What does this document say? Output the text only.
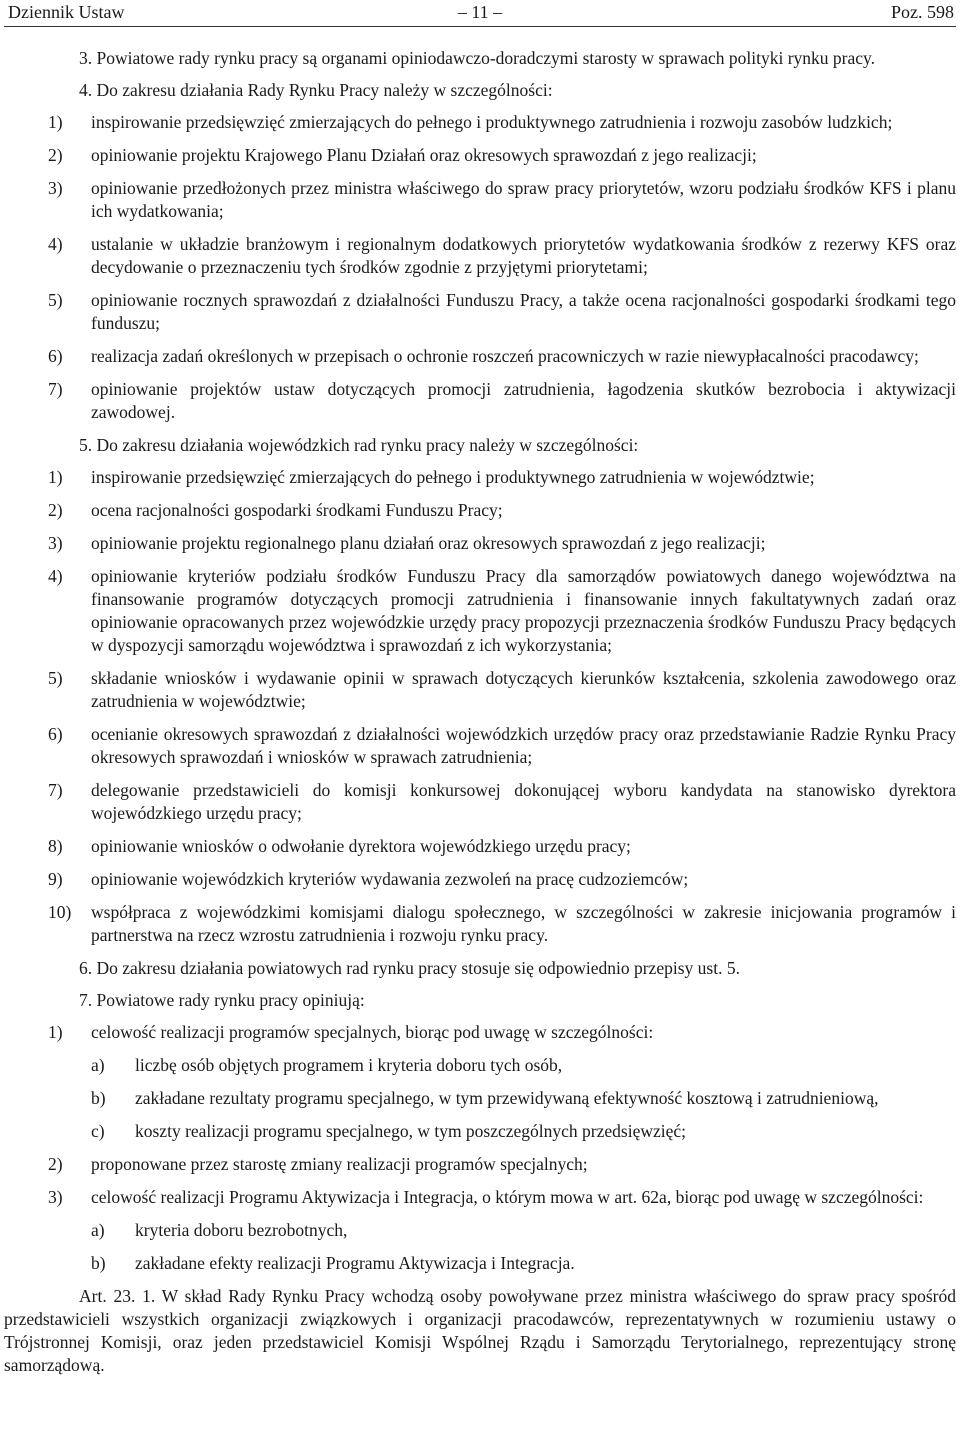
Dziennik Ustaw	– 11 –	Poz. 598

3. Powiatowe rady rynku pracy są organami opiniodawczo-doradczymi starosty w sprawach polityki rynku pracy.

4. Do zakresu działania Rady Rynku Pracy należy w szczególności:

1) inspirowanie przedsięwzięć zmierzających do pełnego i produktywnego zatrudnienia i rozwoju zasobów ludzkich;
2) opiniowanie projektu Krajowego Planu Działań oraz okresowych sprawozdań z jego realizacji;
3) opiniowanie przedłożonych przez ministra właściwego do spraw pracy priorytetów, wzoru podziału środków KFS i planu ich wydatkowania;
4) ustalanie w układzie branżowym i regionalnym dodatkowych priorytetów wydatkowania środków z rezerwy KFS oraz decydowanie o przeznaczeniu tych środków zgodnie z przyjętymi priorytetami;
5) opiniowanie rocznych sprawozdań z działalności Funduszu Pracy, a także ocena racjonalności gospodarki środkami tego funduszu;
6) realizacja zadań określonych w przepisach o ochronie roszczeń pracowniczych w razie niewypłacalności pracodawcy;
7) opiniowanie projektów ustaw dotyczących promocji zatrudnienia, łagodzenia skutków bezrobocia i aktywizacji zawodowej.

5. Do zakresu działania wojewódzkich rad rynku pracy należy w szczególności:

1) inspirowanie przedsięwzięć zmierzających do pełnego i produktywnego zatrudnienia w województwie;
2) ocena racjonalności gospodarki środkami Funduszu Pracy;
3) opiniowanie projektu regionalnego planu działań oraz okresowych sprawozdań z jego realizacji;
4) opiniowanie kryteriów podziału środków Funduszu Pracy dla samorządów powiatowych danego województwa na finansowanie programów dotyczących promocji zatrudnienia i finansowanie innych fakultatywnych zadań oraz opiniowanie opracowanych przez wojewódzkie urzędy pracy propozycji przeznaczenia środków Funduszu Pracy będących w dyspozycji samorządu województwa i sprawozdań z ich wykorzystania;
5) składanie wniosków i wydawanie opinii w sprawach dotyczących kierunków kształcenia, szkolenia zawodowego oraz zatrudnienia w województwie;
6) ocenianie okresowych sprawozdań z działalności wojewódzkich urzędów pracy oraz przedstawianie Radzie Rynku Pracy okresowych sprawozdań i wniosków w sprawach zatrudnienia;
7) delegowanie przedstawicieli do komisji konkursowej dokonującej wyboru kandydata na stanowisko dyrektora wojewódzkiego urzędu pracy;
8) opiniowanie wniosków o odwołanie dyrektora wojewódzkiego urzędu pracy;
9) opiniowanie wojewódzkich kryteriów wydawania zezwoleń na pracę cudzoziemców;
10) współpraca z wojewódzkimi komisjami dialogu społecznego, w szczególności w zakresie inicjowania programów i partnerstwa na rzecz wzrostu zatrudnienia i rozwoju rynku pracy.

6. Do zakresu działania powiatowych rad rynku pracy stosuje się odpowiednio przepisy ust. 5.

7. Powiatowe rady rynku pracy opiniują:

1) celowość realizacji programów specjalnych, biorąc pod uwagę w szczególności:
a) liczbę osób objętych programem i kryteria doboru tych osób,
b) zakładane rezultaty programu specjalnego, w tym przewidywaną efektywność kosztową i zatrudnieniową,
c) koszty realizacji programu specjalnego, w tym poszczególnych przedsięwzięć;
2) proponowane przez starostę zmiany realizacji programów specjalnych;
3) celowość realizacji Programu Aktywizacja i Integracja, o którym mowa w art. 62a, biorąc pod uwagę w szczególności:
a) kryteria doboru bezrobotnych,
b) zakładane efekty realizacji Programu Aktywizacja i Integracja.

Art. 23. 1. W skład Rady Rynku Pracy wchodzą osoby powoływane przez ministra właściwego do spraw pracy spośród przedstawicieli wszystkich organizacji związkowych i organizacji pracodawców, reprezentatywnych w rozumieniu ustawy o Trójstronnej Komisji, oraz jeden przedstawiciel Komisji Wspólnej Rządu i Samorządu Terytorialnego, reprezentujący stronę samorządową.
